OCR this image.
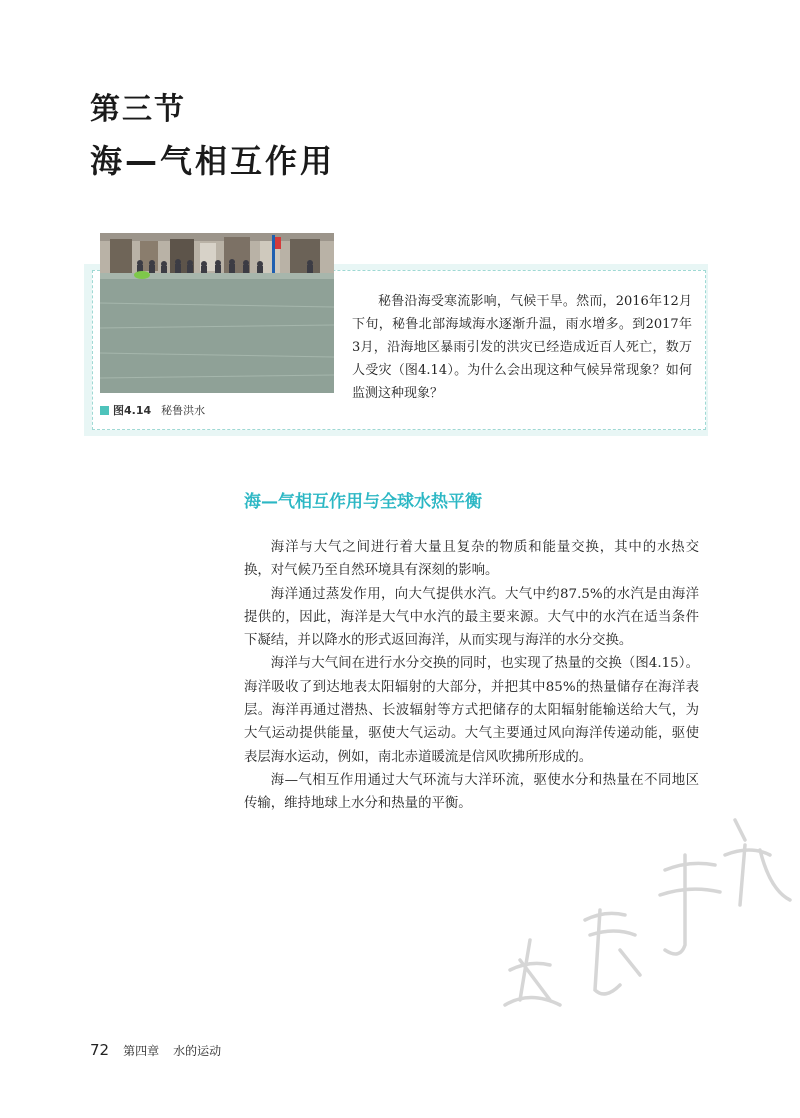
第三节
海—气相互作用
图4.14 秘鲁洪水

秘鲁沿海受寒流影响，气候干旱。然而，2016年12月下旬，秘鲁北部海域海水逐渐升温，雨水增多。到2017年3月，沿海地区暴雨引发的洪灾已经造成近百人死亡，数万人受灾（图4.14）。为什么会出现这种气候异常现象？如何监测这种现象？

海—气相互作用与全球水热平衡

海洋与大气之间进行着大量且复杂的物质和能量交换，其中的水热交换，对气候乃至自然环境具有深刻的影响。

海洋通过蒸发作用，向大气提供水汽。大气中约87.5%的水汽是由海洋提供的，因此，海洋是大气中水汽的最主要来源。大气中的水汽在适当条件下凝结，并以降水的形式返回海洋，从而实现与海洋的水分交换。

海洋与大气间在进行水分交换的同时，也实现了热量的交换（图4.15）。海洋吸收了到达地表太阳辐射的大部分，并把其中85%的热量储存在海洋表层。海洋再通过潜热、长波辐射等方式把储存的太阳辐射能输送给大气，为大气运动提供能量，驱使大气运动。大气主要通过风向海洋传递动能，驱使表层海水运动，例如，南北赤道暖流是信风吹拂所形成的。

海—气相互作用通过大气环流与大洋环流，驱使水分和热量在不同地区传输，维持地球上水分和热量的平衡。

72 第四章 水的运动
